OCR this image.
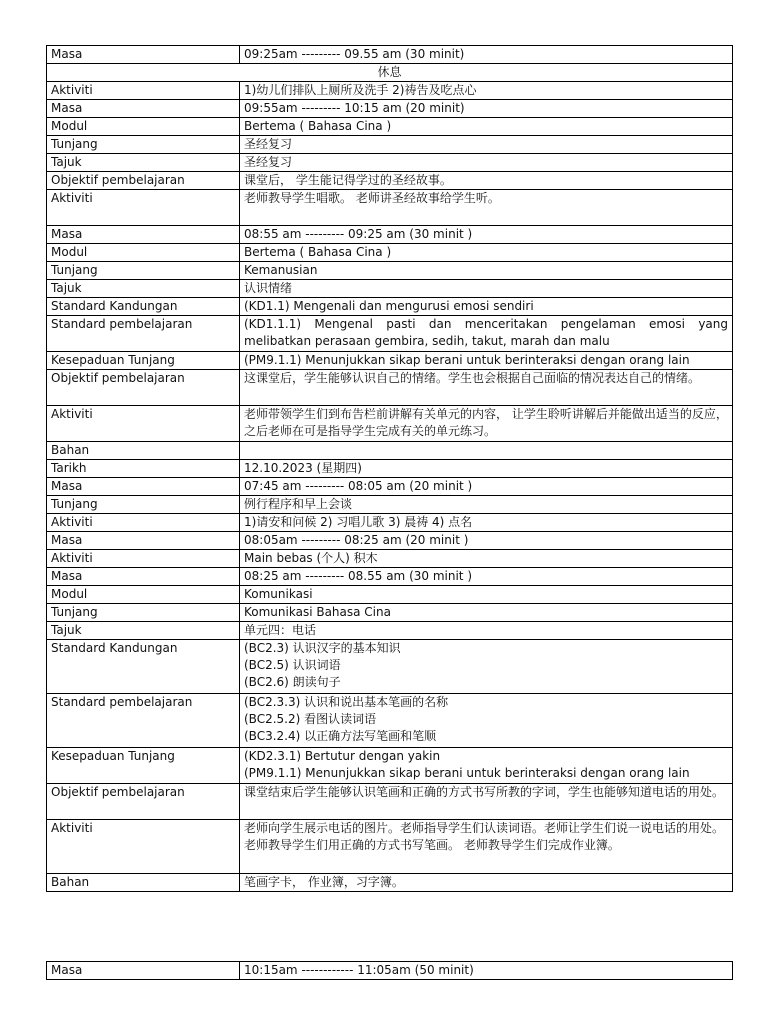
Masa	09:25am --------- 09.55 am (30 minit)
休息	
Aktiviti	1)幼儿们排队上厕所及洗手 2)祷告及吃点心
Masa	09:55am --------- 10:15 am (20 minit)
Modul	Bertema ( Bahasa Cina )
Tunjang	圣经复习
Tajuk	圣经复习
Objektif pembelajaran	课堂后， 学生能记得学过的圣经故事。
Aktiviti	老师教导学生唱歌。 老师讲圣经故事给学生听。
Masa	08:55 am --------- 09:25 am (30 minit )
Modul	Bertema ( Bahasa Cina )
Tunjang	Kemanusian
Tajuk	认识情绪
Standard Kandungan	(KD1.1) Mengenali dan mengurusi emosi sendiri
Standard pembelajaran	(KD1.1.1) Mengenal pasti dan menceritakan pengelaman emosi yang melibatkan perasaan gembira, sedih, takut, marah dan malu
Kesepaduan Tunjang	(PM9.1.1) Menunjukkan sikap berani untuk berinteraksi dengan orang lain
Objektif pembelajaran	这课堂后，学生能够认识自己的情绪。学生也会根据自己面临的情况表达自己的情绪。
Aktiviti	老师带领学生们到布告栏前讲解有关单元的内容， 让学生聆听讲解后并能做出适当的反应， 之后老师在可是指导学生完成有关的单元练习。
Bahan	
Tarikh	12.10.2023 (星期四)
Masa	07:45 am --------- 08:05 am (20 minit )
Tunjang	例行程序和早上会谈
Aktiviti	1)请安和问候 2) 习唱儿歌 3) 晨祷 4) 点名
Masa	08:05am --------- 08:25 am (20 minit )
Aktiviti	Main bebas (个人) 积木
Masa	08:25 am --------- 08.55 am (30 minit )
Modul	Komunikasi
Tunjang	Komunikasi Bahasa Cina
Tajuk	单元四：电话
Standard Kandungan	(BC2.3) 认识汉字的基本知识
(BC2.5) 认识词语
(BC2.6) 朗读句子

Standard pembelajaran	(BC2.3.3) 认识和说出基本笔画的名称
(BC2.5.2) 看图认读词语
(BC3.2.4) 以正确方法写笔画和笔顺

Kesepaduan Tunjang	(KD2.3.1) Bertutur dengan yakin
(PM9.1.1) Menunjukkan sikap berani untuk berinteraksi dengan orang lain

Objektif pembelajaran	课堂结束后学生能够认识笔画和正确的方式书写所教的字词，学生也能够知道电话的用处。
Aktiviti	老师向学生展示电话的图片。老师指导学生们认读词语。老师让学生们说一说电话的用处。老师教导学生们用正确的方式书写笔画。 老师教导学生们完成作业簿。
Bahan	笔画字卡， 作业簿，习字簿。
Masa	10:15am ------------ 11:05am (50 minit)
